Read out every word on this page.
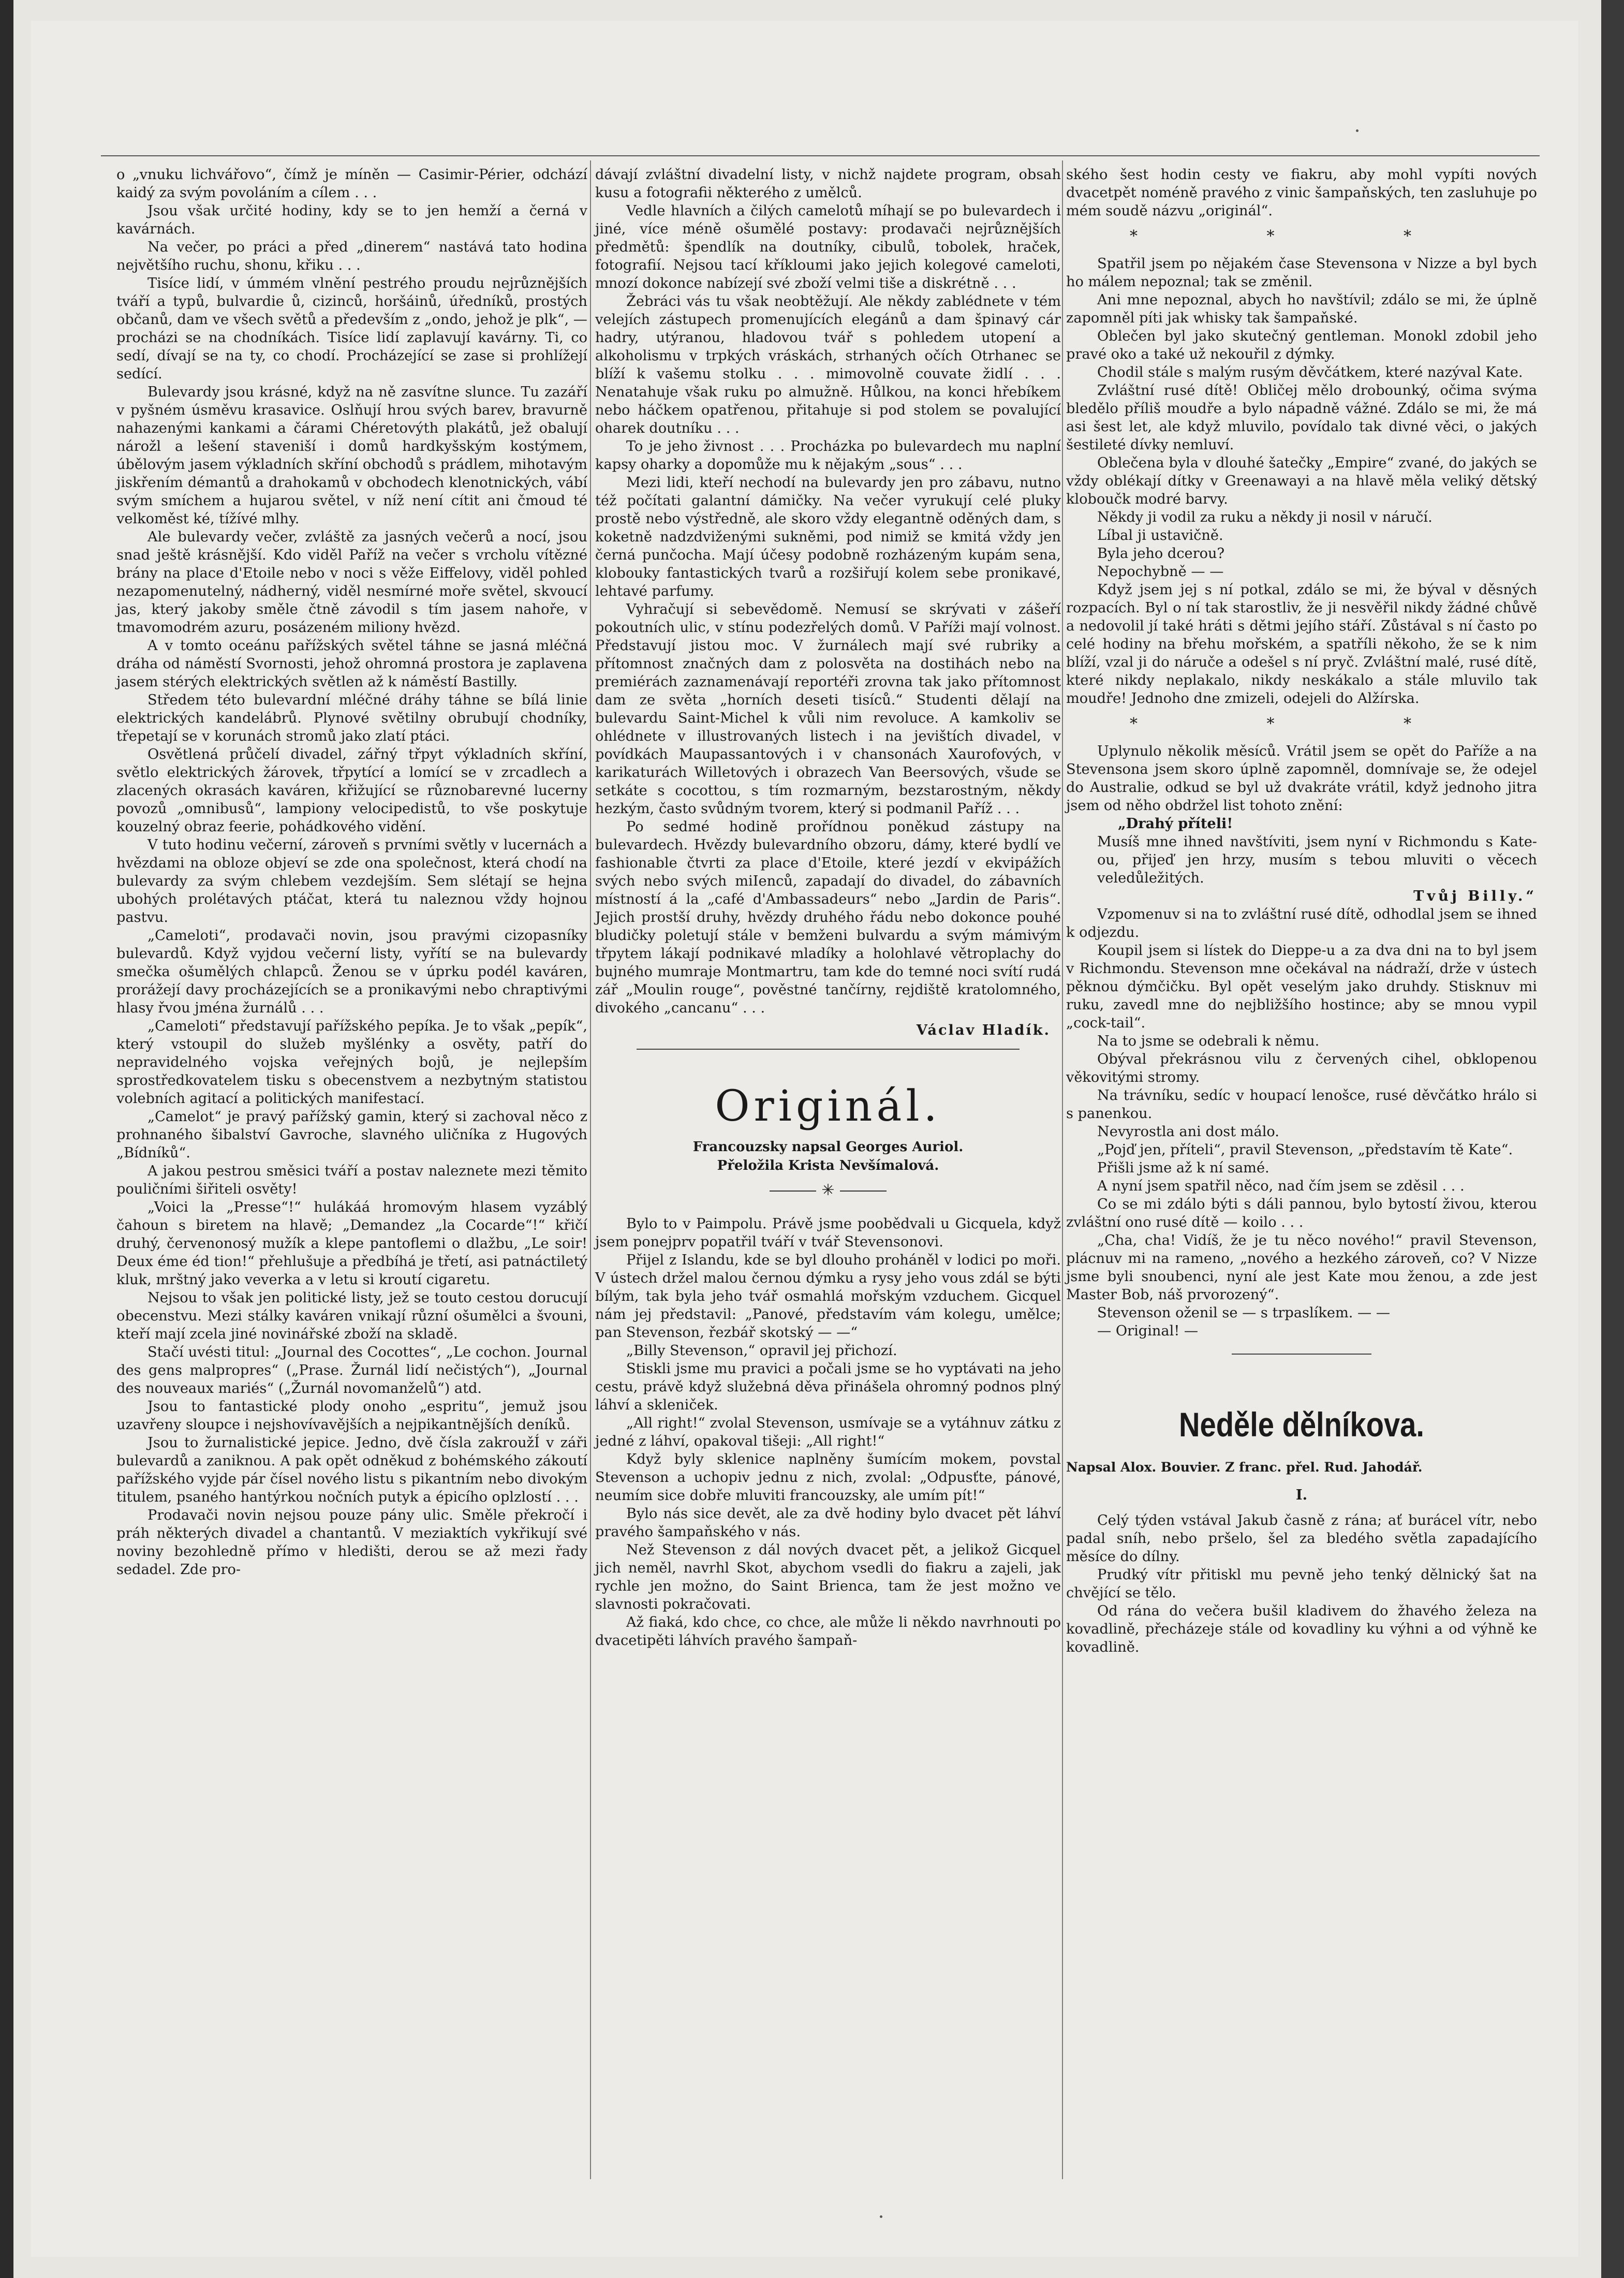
o „vnuku lichvářovo“, čímž je míněn — Casimir-Périer, odchází kaidý za svým povoláním a cílem . . .

Jsou však určité hodiny, kdy se to jen hemží a černá v kavárnách.

Na večer, po práci a před „dinerem“ nastává tato hodina největšího ruchu, shonu, křiku . . .

Tisíce lidí, v úmmém vlnění pestrého proudu nejrůznějších tváří a typů, bulvardie ů, cizinců, horšáinů, úředníků, prostých občanů, dam ve všech světů a především z „ondo, jehož je plk“, — procházi se na chodníkách. Tisíce lidí zaplavují kavárny. Ti, co sedí, dívají se na ty, co chodí. Procházející se zase si prohlížejí sedící.

Bulevardy jsou krásné, když na ně zasvítne slunce. Tu zazáří v pyšném úsměvu krasavice. Oslňují hrou svých barev, bravurně nahazenými kankami a čárami Chéretovýth plakátů, jež obalují nárožl a lešení staveniší i domů hardkyšským kostýmem, úbělovým jasem výkladních skříní obchodů s prádlem, mihotavým jiskřením démantů a drahokamů v obchodech klenotnických, vábí svým smíchem a hujarou světel, v níž není cítit ani čmoud té velkoměst ké, tížívé mlhy.

Ale bulevardy večer, zvláště za jasných večerů a nocí, jsou snad ještě krásnější. Kdo viděl Paříž na večer s vrcholu vítězné brány na place d'Etoile nebo v noci s věže Eiffelovy, viděl pohled nezapomenutelný, nádherný, viděl nesmírné moře světel, skvoucí jas, který jakoby směle čtně závodil s tím jasem nahoře, v tmavomodrém azuru, posázeném miliony hvězd.

A v tomto oceánu pařížských světel táhne se jasná mléčná dráha od náměstí Svornosti, jehož ohromná prostora je zaplavena jasem stérých elektrických světlen až k náměstí Bastilly.

Středem této bulevardní mléčné dráhy táhne se bílá linie elektrických kandelábrů. Plynové světilny obrubují chodníky, třepetají se v korunách stromů jako zlatí ptáci.

Osvětlená průčelí divadel, zářný třpyt výkladních skříní, světlo elektrických žárovek, třpytící a lomící se v zrcadlech a zlacených okrasách kaváren, křižující se různobarevné lucerny povozů „omnibusů“, lampiony velocipedistů, to vše poskytuje kouzelný obraz feerie, pohádkového vidění.

V tuto hodinu večerní, zároveň s prvními světly v lucernách a hvězdami na obloze objeví se zde ona společnost, která chodí na bulevardy za svým chlebem vezdejším. Sem slétají se hejna ubohých prolétavých ptáčat, která tu naleznou vždy hojnou pastvu.

„Cameloti“, prodavači novin, jsou pravými cizopasníky bulevardů. Když vyjdou večerní listy, vyřítí se na bulevardy smečka ošumělých chlapců. Ženou se v úprku podél kaváren, prorážejí davy procházejících se a pronikavými nebo chraptivými hlasy řvou jména žurnálů . . .

„Cameloti“ představují pařížského pepíka. Je to však „pepík“, který vstoupil do služeb myšlénky a osvěty, patří do nepravidelného vojska veřejných bojů, je nejlepším sprostředkovatelem tisku s obecenstvem a nezbytným statistou volebních agitací a politických manifestací.

„Camelot“ je pravý pařížský gamin, který si zachoval něco z prohnaného šibalství Gavroche, slavného uličníka z Hugových „Bídníků“.

A jakou pestrou směsici tváří a postav naleznete mezi těmito pouličními šiřiteli osvěty!

„Voici la „Presse“!“ hulákáá hromovým hlasem vyzáblý čahoun s biretem na hlavě; „Demandez „la Cocarde“!“ křičí druhý, červenonosý mužík a klepe pantoflemi o dlažbu, „Le soir! Deux éme éd tion!“ přehlušuje a předbíhá je třetí, asi patnáctiletý kluk, mrštný jako veverka a v letu si kroutí cigaretu.

Nejsou to však jen politické listy, jež se touto cestou dorucují obecenstvu. Mezi stálky kaváren vnikají různí ošumělci a švouni, kteří mají zcela jiné novinářské zboží na skladě.

Stačí uvésti titul: „Journal des Cocottes“, „Le cochon. Journal des gens malpropres“ („Prase. Žurnál lidí nečistých“), „Journal des nouveaux mariés“ („Žurnál novomanželů“) atd.

Jsou to fantastické plody onoho „espritu“, jemuž jsou uzavřeny sloupce i nejshovívavějších a nejpikantnějších deníků.

Jsou to žurnalistické jepice. Jedno, dvě čísla zakroužÍ v záři bulevardů a zaniknou. A pak opět odněkud z bohémského zákoutí pařížského vyjde pár čísel nového listu s pikantním nebo divokým titulem, psaného hantýrkou nočních putyk a épicího oplzlostí . . .

Prodavači novin nejsou pouze pány ulic. Směle překročí i práh některých divadel a chantantů. V meziaktích vykřikují své noviny bezohledně přímo v hledišti, derou se až mezi řady sedadel. Zde pro-

dávají zvláštní divadelní listy, v nichž najdete program, obsah kusu a fotografii některého z umělců.

Vedle hlavních a čilých camelotů míhají se po bulevardech i jiné, více méně ošumělé postavy: prodavači nejrůznějších předmětů: špendlík na doutníky, cibulů, tobolek, hraček, fotografií. Nejsou tací kříkloumi jako jejich kolegové cameloti, mnozí dokonce nabízejí své zboží velmi tiše a diskrétně . . .

Žebráci vás tu však neobtěžují. Ale někdy zablédnete v tém velejích zástupech promenujících elegánů a dam špinavý cár hadry, utýranou, hladovou tvář s pohledem utopení a alkoholismu v trpkých vráskách, strhaných očích Otrhanec se blíží k vašemu stolku . . . mimovolně couvate židlí . . . Nenatahuje však ruku po almužně. Hůlkou, na konci hřebíkem nebo háčkem opatřenou, přitahuje si pod stolem se povalující oharek doutníku . . .

To je jeho živnost . . . Procházka po bulevardech mu naplní kapsy oharky a dopomůže mu k nějakým „sous“ . . .

Mezi lidi, kteří nechodí na bulevardy jen pro zábavu, nutno též počítati galantní dámičky. Na večer vyrukují celé pluky prostě nebo výstředně, ale skoro vždy elegantně oděných dam, s koketně nadzdviženými sukněmi, pod nimiž se kmitá vždy jen černá punčocha. Mají účesy podobně rozházeným kupám sena, klobouky fantastických tvarů a rozšiřují kolem sebe pronikavé, lehtavé parfumy.

Vyhračují si sebevědomě. Nemusí se skrývati v zášeří pokoutních ulic, v stínu podezřelých domů. V Paříži mají volnost. Představují jistou moc. V žurnálech mají své rubriky a přítomnost značných dam z polosvěta na dostihách nebo na premiérách zaznamenávají reportéři zrovna tak jako přítomnost dam ze světa „horních deseti tisíců.“ Studenti dělají na bulevardu Saint-Michel k vůli nim revoluce. A kamkoliv se ohlédnete v illustrovaných listech i na jevištích divadel, v povídkách Maupassantových i v chansonách Xaurofových, v karikaturách Willetových i obrazech Van Beersových, všude se setkáte s cocottou, s tím rozmarným, bezstarostným, někdy hezkým, často svůdným tvorem, který si podmanil Paříž . . .

Po sedmé hodině prořídnou poněkud zástupy na bulevardech. Hvězdy bulevardního obzoru, dámy, které bydlí ve fashionable čtvrti za place d'Etoile, které jezdí v ekvipážích svých nebo svých miIenců, zapadají do divadel, do zábavních místností á la „café d'Ambassadeurs“ nebo „Jardin de Paris“. Jejich prostší druhy, hvězdy druhého řádu nebo dokonce pouhé bludičky poletují stále v bemženi bulvardu a svým mámivým třpytem lákají podnikavé mladíky a holohlavé větroplachy do bujného mumraje Montmartru, tam kde do temné noci svítí rudá zář „Moulin rouge“, pověstné tančírny, rejdiště kratolomného, divokého „cancanu“ . . .

Václav Hladík.
Originál.
Francouzsky napsal Georges Auriol.
Přeložila Krista Nevšímalová.
✳

Bylo to v Paimpolu. Právě jsme poobědvali u Gicquela, když jsem ponejprv popatřil tváří v tvář Stevensonovi.

Přijel z Islandu, kde se byl dlouho proháněl v lodici po moři. V ústech držel malou černou dýmku a rysy jeho vous zdál se býti bílým, tak byla jeho tvář osmahlá mořským vzduchem. Gicquel nám jej představil: „Panové, představím vám kolegu, umělce; pan Stevenson, řezbář skotský — —“

„Billy Stevenson,“ opravil jej přichozí.

Stiskli jsme mu pravici a počali jsme se ho vyptávati na jeho cestu, právě když služebná děva přinášela ohromný podnos plný láhví a skleniček.

„All right!“ zvolal Stevenson, usmívaje se a vytáhnuv zátku z jedné z láhví, opakoval tišeji: „All right!“

Když byly sklenice naplněny šumícím mokem, povstal Stevenson a uchopiv jednu z nich, zvolal: „Odpusťte, pánové, neumím sice dobře mluviti francouzsky, ale umím pít!“

Bylo nás sice devět, ale za dvě hodiny bylo dvacet pět láhví pravého šampaňského v nás.

Než Stevenson z dál nových dvacet pět, a jelikož Gicquel jich neměl, navrhl Skot, abychom vsedli do fiakru a zajeli, jak rychle jen možno, do Saint Brienca, tam že jest možno ve slavnosti pokračovati.

Až fiaká, kdo chce, co chce, ale může li někdo navrhnouti po dvacetipěti láhvích pravého šampaň-

ského šest hodin cesty ve fiakru, aby mohl vypíti nových dvacetpět noméně pravého z vinic šampaňských, ten zasluhuje po mém soudě názvu „originál“.

* * *

Spatřil jsem po nějakém čase Stevensona v Nizze a byl bych ho málem nepoznal; tak se změnil.

Ani mne nepoznal, abych ho navštívil; zdálo se mi, že úplně zapomněl píti jak whisky tak šampaňské.

Oblečen byl jako skutečný gentleman. Monokl zdobil jeho pravé oko a také už nekouřil z dýmky.

Chodil stále s malým rusým děvčátkem, které nazýval Kate.

Zvláštní rusé dítě! Obličej mělo drobounký, očima svýma bledělo příliš moudře a bylo nápadně vážné. Zdálo se mi, že má asi šest let, ale když mluvilo, povídalo tak divné věci, o jakých šestileté dívky nemluví.

Oblečena byla v dlouhé šatečky „Empire“ zvané, do jakých se vždy oblékají dítky v Greenawayi a na hlavě měla veliký dětský kloboučk modré barvy.

Někdy ji vodil za ruku a někdy ji nosil v náručí.

Líbal ji ustavičně.

Byla jeho dcerou?

Nepochybně — —

Když jsem jej s ní potkal, zdálo se mi, že býval v děsných rozpacích. Byl o ní tak starostliv, že ji nesvěřil nikdy žádné chůvě a nedovolil jí také hráti s dětmi jejího stáří. Zůstával s ní často po celé hodiny na břehu mořském, a spatříli někoho, že se k nim blíží, vzal ji do náruče a odešel s ní pryč. Zvláštní malé, rusé dítě, které nikdy neplakalo, nikdy neskákalo a stále mluvilo tak moudře! Jednoho dne zmizeli, odejeli do Alžírska.

* * *

Uplynulo několik měsíců. Vrátil jsem se opět do Paříže a na Stevensona jsem skoro úplně zapomněl, domnívaje se, že odejel do Australie, odkud se byl už dvakráte vrátil, když jednoho jitra jsem od něho obdržel list tohoto znění:

„Drahý příteli!

Musíš mne ihned navštíviti, jsem nyní v Richmondu s Kate-ou, přijeď jen hrzy, musím s tebou mluviti o věcech veledůležitých.

Tvůj Billy.“

Vzpomenuv si na to zvláštní rusé dítě, odhodlal jsem se ihned k odjezdu.

Koupil jsem si lístek do Dieppe-u a za dva dni na to byl jsem v Richmondu. Stevenson mne očekával na nádraží, drže v ústech pěknou dýmčičku. Byl opět veselým jako druhdy. Stisknuv mi ruku, zavedl mne do nejbližšího hostince; aby se mnou vypil „cock-tail“.

Na to jsme se odebrali k němu.

Obýval překrásnou vilu z červených cihel, obklopenou věkovitými stromy.

Na trávníku, sedíc v houpací lenošce, rusé děvčátko hrálo si s panenkou.

Nevyrostla ani dost málo.

„Pojď jen, příteli“, pravil Stevenson, „představím tě Kate“.

Přišli jsme až k ní samé.

A nyní jsem spatřil něco, nad čím jsem se zděsil . . .

Co se mi zdálo býti s dáli pannou, bylo bytostí živou, kterou zvláštní ono rusé dítě — koilo . . .

„Cha, cha! Vidíš, že je tu něco nového!“ pravil Stevenson, plácnuv mi na rameno, „nového a hezkého zároveň, co? V Nizze jsme byli snoubenci, nyní ale jest Kate mou ženou, a zde jest Master Bob, náš prvorozený“.

Stevenson oženil se — s trpaslíkem. — —

— Original! —

Neděle dělníkova.
Napsal Alox. Bouvier. Z franc. přel. Rud. Jahodář.
I.

Celý týden vstával Jakub časně z rána; ať burácel vítr, nebo padal sníh, nebo pršelo, šel za bledého světla zapadajícího měsíce do dílny.

Prudký vítr přitiskl mu pevně jeho tenký dělnický šat na chvějící se tělo.

Od rána do večera bušil kladivem do žhavého železa na kovadlině, přecházeje stále od kovadliny ku výhni a od výhně ke kovadlině.
